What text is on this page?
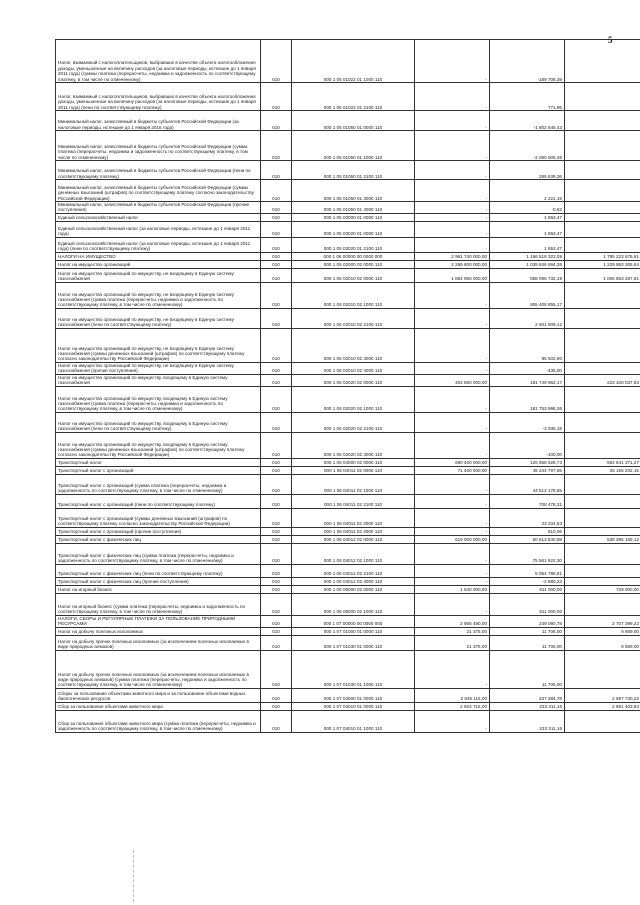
5
Налог, взимаемый с налогоплательщиков, выбравших в качестве объекта налогообложения доходы, уменьшенные на величину расходов (за налоговые периоды, истекшие до 1 января 2011 года) (суммы платежа (перерасчеты, недоимка и задолженность по соответствующему платежу, в том числе по отмененному)	010	000 1 05 01022 01 1000 110	-	-189 708,39	
Налог, взимаемый с налогоплательщиков, выбравших в качестве объекта налогообложения доходы, уменьшенные на величину расходов (за налоговые периоды, истекшие до 1 января 2011 года) (пени по соответствующему платежу)	010	000 1 05 01022 01 2100 110	-	771,95	
Минимальный налог, зачисляемый в бюджеты субъектов Российской Федерации (за налоговые периоды, истекшие до 1 января 2016 года)	010	000 1 05 01050 01 0000 110	-	-1 802 645,43	
Минимальный налог, зачисляемый в бюджеты субъектов Российской Федерации (сумма платежа (перерасчеты, недоимка и задолженность по соответствующему платежу, в том числе по отмененному)	010	000 1 05 01050 01 1000 110	-	-2 090 505,36	
Минимальный налог, зачисляемый в бюджеты субъектов Российской Федерации (пени по соответствующему платежу)	010	000 1 05 01050 01 2100 110	-	285 639,36	
Минимальный налог, зачисляемый в бюджеты субъектов Российской Федерации (суммы денежных взысканий (штрафов) по соответствующему платежу согласно законодательству Российской Федерации)	010	000 1 05 01050 01 3000 110	-	2 221,19	
Минимальный налог, зачисляемый в бюджеты субъектов Российской Федерации (прочие поступления)	010	000 1 05 01050 01 4000 110	-	-0,62	
Единый сельскохозяйственный налог	010	000 1 05 03000 01 0000 110	-	1 653,47	
Единый сельскохозяйственный налог (за налоговые периоды, истекшие до 1 января 2011 года)	010	000 1 05 03020 01 0000 110	-	1 653,47	
Единый сельскохозяйственный налог (за налоговые периоды, истекшие до 1 января 2011 года) (пени по соответствующему платежу)	010	000 1 05 03020 01 2100 110	-	1 653,47	
НАЛОГИ НА ИМУЩЕСТВО	010	000 1 06 00000 00 0000 000	2 961 740 000,00	1 166 516 323,09	1 795 223 676,91
Налог на имущество организаций	010	000 1 06 02000 02 0000 110	2 269 800 000,00	1 039 846 694,36	1 229 953 305,64
Налог на имущество организаций по имуществу, не входящему в Единую систему газоснабжения	010	000 1 06 02010 02 0000 110	1 864 950 000,00	858 096 732,19	1 006 853 267,81
Налог на имущество организаций по имуществу, не входящему в Единую систему газоснабжения (сумма платежа (перерасчеты, недоимка и задолженность по соответствующему платежу, в том числе по отмененному)	010	000 1 06 02010 02 1000 110	-	855 408 855,17	
Налог на имущество организаций по имуществу, не входящему в Единую систему газоснабжения (пени по соответствующему платежу)	010	000 1 06 02010 02 2100 110	-	2 601 809,12	
Налог на имущество организаций по имуществу, не входящему в Единую систему газоснабжения (суммы денежных взысканий (штрафов) по соответствующему платежу согласно законодательству Российской Федерации)	010	000 1 06 02010 02 3000 110	-	86 502,90	
Налог на имущество организаций по имуществу, не входящему в Единую систему газоснабжения (прочие поступления)	010	000 1 06 02010 02 4000 110	-	-435,00	
Налог на имущество организаций по имуществу, входящему в Единую систему газоснабжения	010	000 1 06 02020 02 0000 110	404 850 000,00	181 749 962,17	223 100 037,83
Налог на имущество организаций по имуществу, входящему в Единую систему газоснабжения (сумма платежа (перерасчеты, недоимка и задолженность по соответствующему платежу, в том числе по отмененному)	010	000 1 06 02020 02 1000 110	-	181 753 998,36	
Налог на имущество организаций по имуществу, входящему в Единую систему газоснабжения (пени по соответствующему платежу)	010	000 1 06 02020 02 2100 110	-	-3 936,19	
Налог на имущество организаций по имуществу, входящему в Единую систему газоснабжения (суммы денежных взысканий (штрафов) по соответствующему платежу согласно законодательству Российской Федерации)	010	000 1 06 02020 02 3000 110	-	-100,00	
Транспортный налог	010	000 1 06 04000 02 0000 110	690 400 000,00	125 858 628,73	564 541 371,27
Транспортный налог с организаций	010	000 1 06 04011 02 0000 110	71 400 000,00	45 244 797,85	26 155 202,15
Транспортный налог с организаций (сумма платежа (перерасчеты, недоимка и задолженность по соответствующему платежу, в том числе по отмененному)	010	000 1 06 04011 02 1000 110	-	44 512 178,65	
Транспортный налог с организаций (пени по соответствующему платежу)	010	000 1 06 04011 02 2100 110	-	708 478,31	
Транспортный налог с организаций (суммы денежных взысканий (штрафов) по соответствующему платежу согласно законодательству Российской Федерации)	010	000 1 06 04011 02 3000 110	-	23 334,83	
Транспортный налог с организаций (прочие поступления)	010	000 1 06 04011 02 4000 110	-	810,06	
Транспортный налог с физических лиц	010	000 1 06 04012 02 0000 110	619 000 000,00	80 613 830,88	538 386 169,12
Транспортный налог с физических лиц (сумма платежа (перерасчеты, недоимка и задолженность по соответствующему платежу, в том числе по отмененному)	010	000 1 06 04012 02 1000 110	-	75 561 922,30	
Транспортный налог с физических лиц (пени по соответствующему платежу)	010	000 1 06 04012 02 2100 110	-	5 054 788,81	
Транспортный налог с физических лиц (прочие поступления)	010	000 1 06 04012 02 4000 110	-	-2 880,23	
Налог на игорный бизнес	010	000 1 06 05000 02 0000 110	1 540 000,00	811 000,00	729 000,00
Налог на игорный бизнес (сумма платежа (перерасчеты, недоимка и задолженность по соответствующему платежу, в том числе по отмененному)	010	000 1 06 05000 02 1000 110	-	811 000,00	
НАЛОГИ, СБОРЫ И РЕГУЛЯРНЫЕ ПЛАТЕЖИ ЗА ПОЛЬЗОВАНИЕ ПРИРОДНЫМИ РЕСУРСАМИ	010	000 1 07 00000 00 0000 000	2 956 490,00	249 090,78	2 707 399,22
Налог на добычу полезных ископаемых	010	000 1 07 01000 01 0000 110	21 375,00	11 706,00	9 669,00
Налог на добычу прочих полезных ископаемых (за исключением полезных ископаемых в виде природных алмазов)	010	000 1 07 01030 01 0000 110	21 375,00	11 706,00	9 669,00
Налог на добычу прочих полезных ископаемых (за исключением полезных ископаемых в виде природных алмазов) (сумма платежа (перерасчеты, недоимка и задолженность по соответствующему платежу, в том числе по отмененному)	010	000 1 07 01030 01 1000 110	-	11 706,00	
Сборы за пользование объектами животного мира и за пользование объектами водных биологических ресурсов	010	000 1 07 04000 01 0000 110	2 935 115,00	237 384,78	2 697 730,22
Сбор за пользование объектами животного мира	010	000 1 07 04010 01 0000 110	2 924 715,00	233 311,16	2 691 403,84
Сбор за пользование объектами животного мира (сумма платежа (перерасчеты, недоимка и задолженность по соответствующему платежу, в том числе по отмененному)	010	000 1 07 04010 01 1000 110	-	233 311,16	
